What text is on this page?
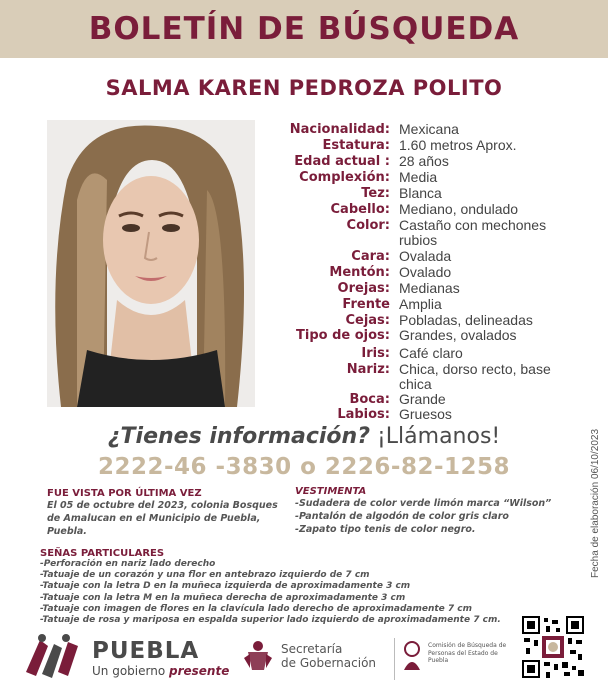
BOLETÍN DE BÚSQUEDA
SALMA KAREN PEDROZA POLITO
Nacionalidad: Mexicana
Estatura: 1.60 metros Aprox.
Edad actual : 28 años
Complexión: Media
Tez: Blanca
Cabello: Mediano, ondulado
Color: Castaño con mechones rubios
Cara: Ovalada
Mentón: Ovalado
Orejas: Medianas
Frente Amplia
Cejas: Pobladas, delineadas
Tipo de ojos: Grandes, ovalados
Iris: Café claro
Nariz: Chica, dorso recto, base chica
Boca: Grande
Labios: Gruesos
¿Tienes información? ¡Llámanos!
2222-46 -3830 o 2226-82-1258
FUE VISTA POR ÚLTIMA VEZ
El 05 de octubre del 2023, colonia Bosques de Amalucan en el Municipio de Puebla, Puebla.
VESTIMENTA
-Sudadera de color verde limón marca “Wilson”
-Pantalón de algodón de color gris claro
-Zapato tipo tenis de color negro.
SEÑAS PARTICULARES
-Perforación en nariz lado derecho
-Tatuaje de un corazón y una flor en antebrazo izquierdo de 7 cm
-Tatuaje con la letra D en la muñeca izquierda de aproximadamente 3 cm
-Tatuaje con la letra M en la muñeca derecha de aproximadamente 3 cm
-Tatuaje con imagen de flores en la clavícula lado derecho de aproximadamente 7 cm
-Tatuaje de rosa y mariposa en espalda superior lado izquierdo de aproximadamente 7 cm.
Fecha de elaboración 06/10/2023
PUEBLA
Un gobierno presente
Secretaría
de Gobernación
Comisión de Búsqueda de Personas del Estado de Puebla
